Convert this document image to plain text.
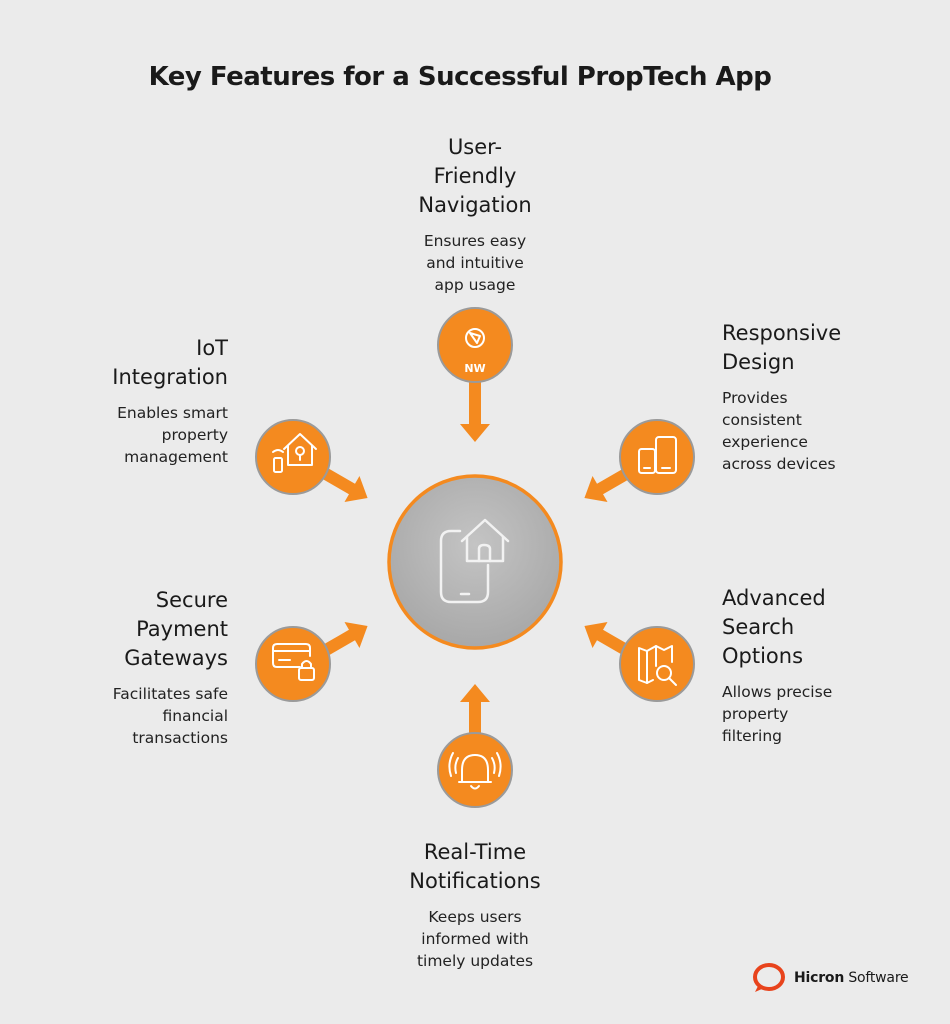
Key Features for a Successful PropTech App
NW
User-
Friendly
Navigation
Ensures easy
and intuitive
app usage
IoT
Integration
Enables smart
property
management
Responsive
Design
Provides
consistent
experience
across devices
Secure
Payment
Gateways
Facilitates safe
financial
transactions
Advanced
Search
Options
Allows precise
property
filtering
Real-Time
Notifications
Keeps users
informed with
timely updates
Hicron Software
